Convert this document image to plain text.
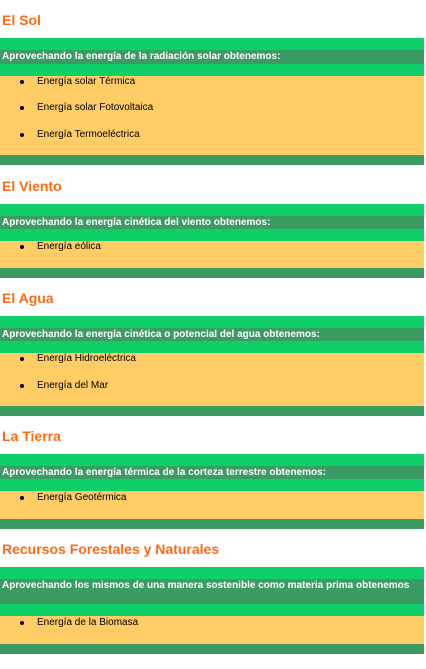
El Sol
Aprovechando la energía de la radiación solar obtenemos:
Energía solar Térmica
Energía solar Fotovoltaica
Energía Termoeléctrica
El Viento
Aprovechando la energía cinética del viento obtenemos:
Energía eólica
El Agua
Aprovechando la energía cinética o potencial del agua obtenemos:
Energía Hidroeléctrica
Energía del Mar
La Tierra
Aprovechando la energía térmica de la corteza terrestre obtenemos:
Energía Geotérmica
Recursos Forestales y Naturales
Aprovechando los mismos de una manera sostenible como materia prima obtenemos
Energía de la Biomasa
